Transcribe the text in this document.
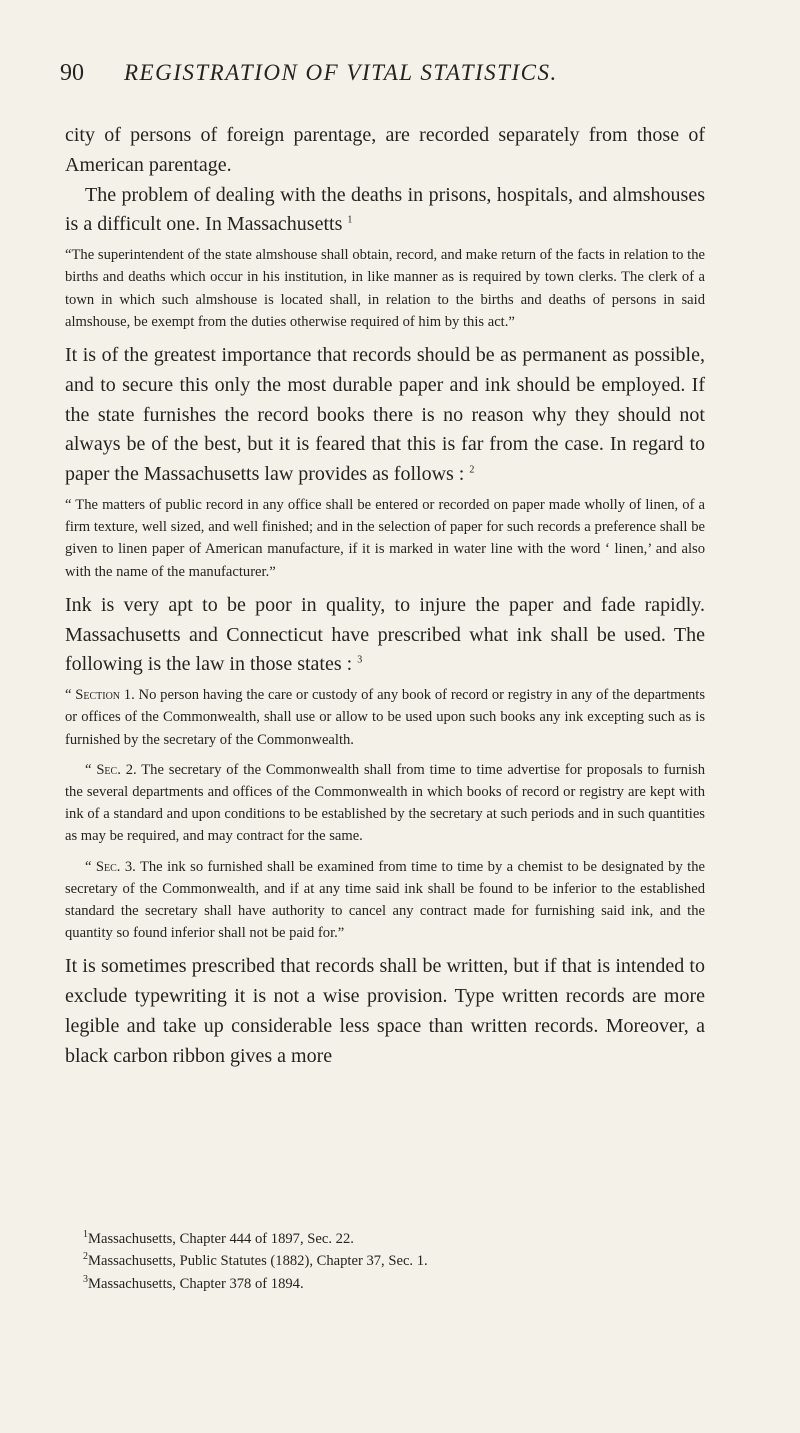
90 REGISTRATION OF VITAL STATISTICS.

city of persons of foreign parentage, are recorded separately from those of American parentage.

The problem of dealing with the deaths in prisons, hospitals, and almshouses is a difficult one. In Massachusetts $^1$

“The superintendent of the state almshouse shall obtain, record, and make return of the facts in relation to the births and deaths which occur in his institution, in like manner as is required by town clerks. The clerk of a town in which such almshouse is located shall, in relation to the births and deaths of persons in said almshouse, be exempt from the duties otherwise required of him by this act.”

It is of the greatest importance that records should be as permanent as possible, and to secure this only the most durable paper and ink should be employed. If the state furnishes the record books there is no reason why they should not always be of the best, but it is feared that this is far from the case. In regard to paper the Massachusetts law provides as follows : $^2$

“ The matters of public record in any office shall be entered or recorded on paper made wholly of linen, of a firm texture, well sized, and well finished; and in the selection of paper for such records a preference shall be given to linen paper of American manufacture, if it is marked in water line with the word ‘ linen,’ and also with the name of the manufacturer.”

Ink is very apt to be poor in quality, to injure the paper and fade rapidly. Massachusetts and Connecticut have prescribed what ink shall be used. The following is the law in those states : $^3$

“ Section 1. No person having the care or custody of any book of record or registry in any of the departments or offices of the Commonwealth, shall use or allow to be used upon such books any ink excepting such as is furnished by the secretary of the Commonwealth.

“ Sec. 2. The secretary of the Commonwealth shall from time to time advertise for proposals to furnish the several departments and offices of the Commonwealth in which books of record or registry are kept with ink of a standard and upon conditions to be established by the secretary at such periods and in such quantities as may be required, and may contract for the same.

“ Sec. 3. The ink so furnished shall be examined from time to time by a chemist to be designated by the secretary of the Commonwealth, and if at any time said ink shall be found to be inferior to the established standard the secretary shall have authority to cancel any contract made for furnishing said ink, and the quantity so found inferior shall not be paid for.”

It is sometimes prescribed that records shall be written, but if that is intended to exclude typewriting it is not a wise provision. Type written records are more legible and take up considerable less space than written records. Moreover, a black carbon ribbon gives a more

$^1$Massachusetts, Chapter 444 of 1897, Sec. 22.

$^2$Massachusetts, Public Statutes (1882), Chapter 37, Sec. 1.

$^3$Massachusetts, Chapter 378 of 1894.
